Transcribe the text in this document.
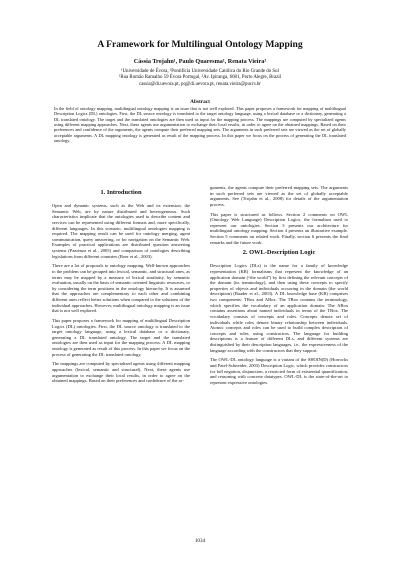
A Framework for Multilingual Ontology Mapping
Cássia Trojahn¹, Paulo Quaresma¹, Renata Vieira²
¹Universidade de Évora, ²Pontifícia Universidade Católica do Rio Grande do Sul
¹Rua Romão Ramalho 59 Évora Portugal, ²Av. Ipiranga, 6681, Porto Alegre, Brazil
cassia@di.uevora.pt, pq@di.uevora.pt, renata.vieira@pucrs.br
Abstract

In the field of ontology mapping, multilingual ontology mapping is an issue that is not well explored. This paper proposes a framework for mapping of multilingual Description Logics (DL) ontologies. First, the DL source ontology is translated to the target ontology language, using a lexical database or a dictionary, generating a DL translated ontology. The target and the translated ontologies are then used as input for the mapping process. The mappings are computed by specialized agents using different mapping approaches. Next, these agents use argumentation to exchange their local results, in order to agree on the obtained mappings. Based on their preferences and confidence of the arguments, the agents compute their preferred mapping sets. The arguments in such preferred sets are viewed as the set of globally acceptable arguments. A DL mapping ontology is generated as result of the mapping process. In this paper we focus on the process of generating the DL translated ontology.

1. Introduction

Open and dynamic systems, such as the Web and its extension, the Semantic Web, are by nature distributed and heterogeneous. Such characteristics implicate that the ontologies used to describe content and services can be represented using different formats and, more specifically, different languages. In this scenario, multilingual ontologies mapping is required. The mapping result can be used for ontology merging, agent communication, query answering, or for navigation on the Semantic Web. Examples of practical applications are distributed question answering systems (Pazienza et al., 2005) and comparison of ontologies describing legislations from different countries (Boer et al., 2003).

There are a lot of proposals to ontology mapping. Well-known approaches to the problem can be grouped into lexical, semantic, and structural ones, as terms may be mapped by a measure of lexical similarity, by semantic evaluation, usually on the basis of semantic oriented linguistic resources, or by considering the term positions in the ontology hierarchy. It is assumed that the approaches are complementary to each other and combining different ones reflect better solutions when compared to the solutions of the individual approaches. However, multilingual ontology mapping is an issue that is not well explored.

This paper proposes a framework for mapping of multilingual Description Logics (DL) ontologies. First, the DL source ontology is translated to the target ontology language, using a lexical database or a dictionary, generating a DL translated ontology. The target and the translated ontologies are then used as input for the mapping process. A DL mapping ontology is generated as result of this process. In this paper we focus on the process of generating the DL translated ontology.

The mappings are computed by specialized agents using different mapping approaches (lexical, semantic and structural). Next, these agents use argumentation to exchange their local results, in order to agree on the obtained mappings. Based on their preferences and confidence of the ar-

guments, the agents compute their preferred mapping sets. The arguments in such preferred sets are viewed as the set of globally acceptable arguments. See (Trojahn et al., 2008) for details of the argumentation process.

This paper is structured as follows. Section 2 comments on OWL (Ontology Web Language) Description Logics, the formalism used to represent our ontologies. Section 3 presents our architecture for multilingual ontology mapping. Section 4 presents an illustrative example. Section 5 comments on related work. Finally, section 6 presents the final remarks and the future work.

2. OWL-Description Logic

Description Logics (DLs) is the name for a family of knowledge representation (KR) formalisms that represent the knowledge of an application domain (“the world”) by first defining the relevant concepts of the domain (its terminology), and then using these concepts to specify properties of objects and individuals occurring in the domain (the world description) (Baader et al., 2003). A DL knowledge base (KB) comprises two components: TBox and ABox. The TBox contains the terminology, which specifies the vocabulary of an application domain. The ABox contains assertions about named individuals in terms of the TBox. The vocabulary consists of concepts and roles. Concepts denote set of individuals while roles denote binary relationship between individuals. Atomic concepts and roles can be used to build complex description of concepts and roles, using constructors. The language for building descriptions is a feature of different DLs, and different systems are distinguished by their description languages, i.e., the expressiveness of the language according with the constructors that they support.

The OWL-DL ontology language is a variant of the SHOIN(D) (Horrocks and Patel-Schneider, 2003) Description Logic, which provides constructors for full negation, disjunction, a restricted form of existential quantification, and reasoning with concrete datatypes. OWL-DL is the state-of-the-art to represent expressive ontologies.

1034
